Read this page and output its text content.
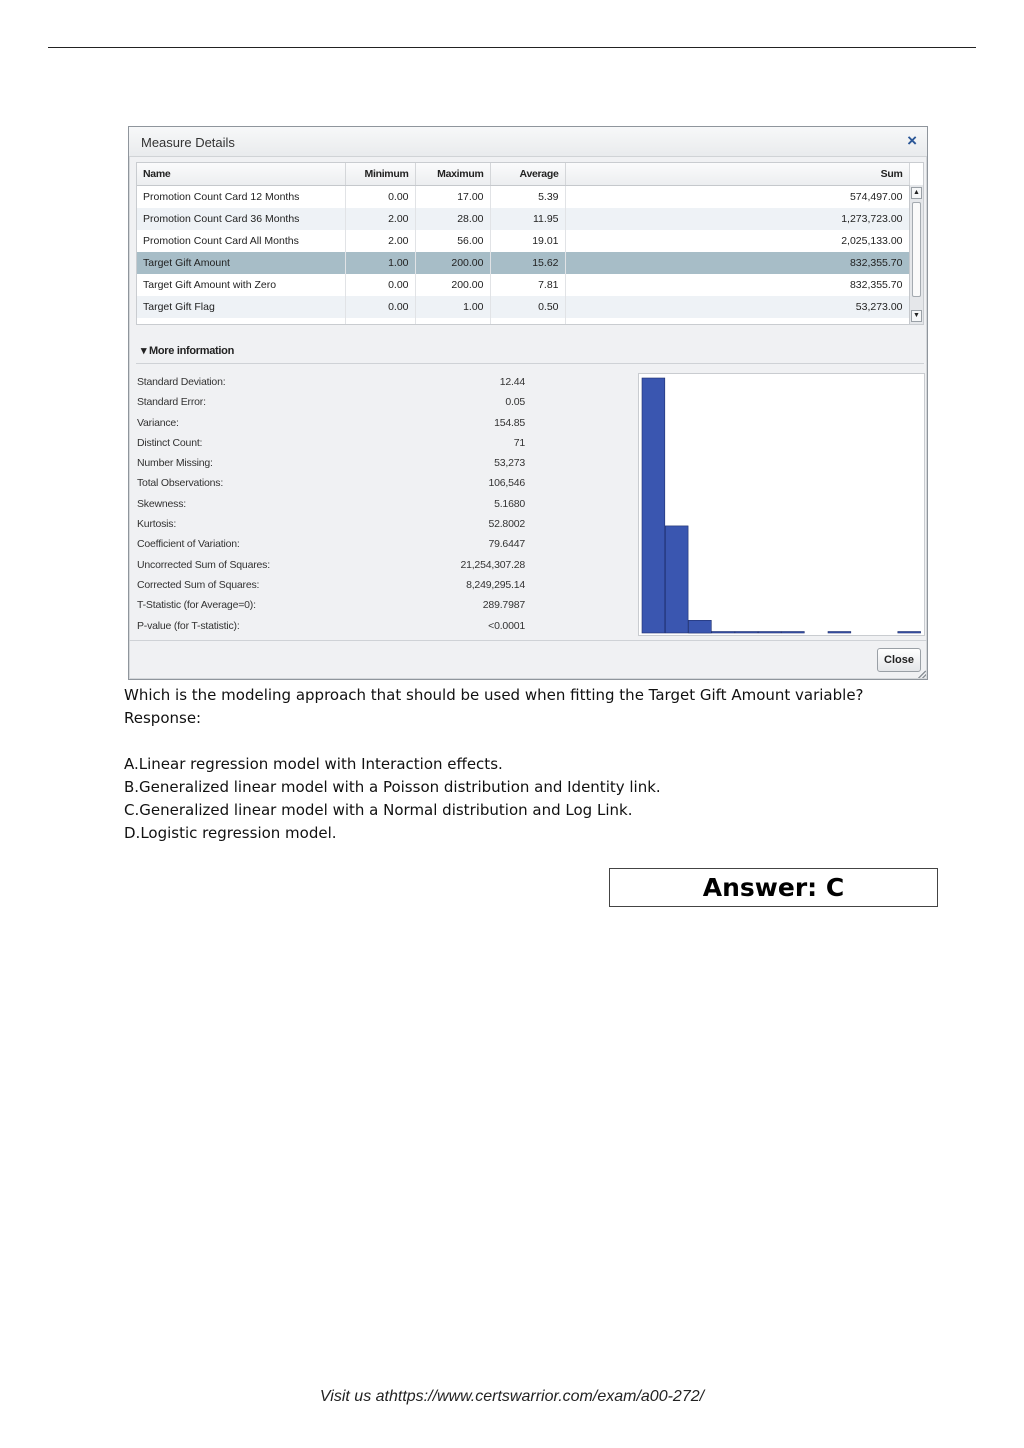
Measure Details	×
Name	Minimum	Maximum	Average	Sum
Promotion Count Card 12 Months	0.00	17.00	5.39	574,497.00
Promotion Count Card 36 Months	2.00	28.00	11.95	1,273,723.00
Promotion Count Card All Months	2.00	56.00	19.01	2,025,133.00
Target Gift Amount	1.00	200.00	15.62	832,355.70
Target Gift Amount with Zero	0.00	200.00	7.81	832,355.70
Target Gift Flag	0.00	1.00	0.50	53,273.00

▲
▼
▾ More information
Standard Deviation:	12.44
Standard Error:	0.05
Variance:	154.85
Distinct Count:	71
Number Missing:	53,273
Total Observations:	106,546
Skewness:	5.1680
Kurtosis:	52.8002
Coefficient of Variation:	79.6447
Uncorrected Sum of Squares:	21,254,307.28
Corrected Sum of Squares:	8,249,295.14
T-Statistic (for Average=0):	289.7987
P-value (for T-statistic):	<0.0001
Close
Which is the modeling approach that should be used when fitting the Target Gift Amount variable?
Response:
A.Linear regression model with Interaction effects.
B.Generalized linear model with a Poisson distribution and Identity link.
C.Generalized linear model with a Normal distribution and Log Link.
D.Logistic regression model.
Answer: C
Visit us athttps://www.certswarrior.com/exam/a00-272/
